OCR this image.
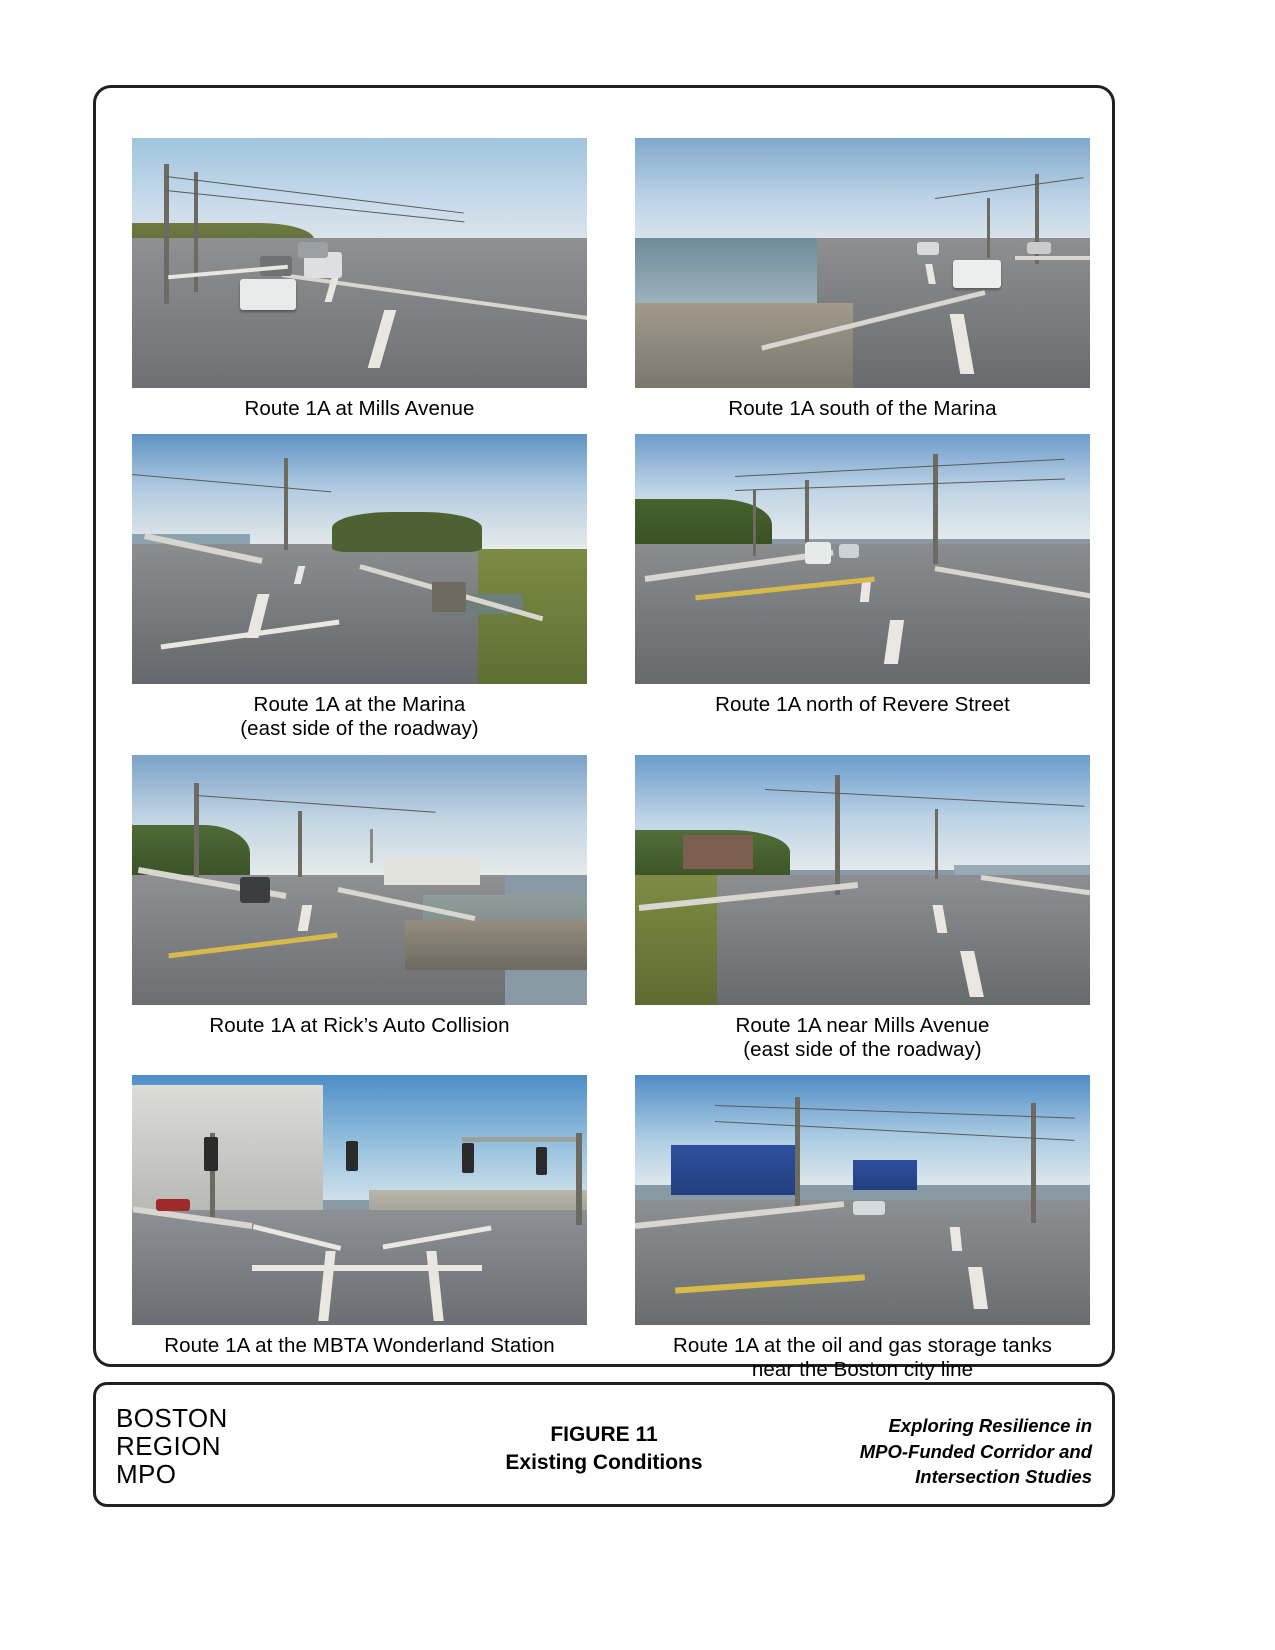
Route 1A at Mills Avenue	Route 1A south of the Marina
Route 1A at the Marina
(east side of the roadway)
Route 1A north of Revere Street
Route 1A at Rick’s Auto Collision	Route 1A near Mills Avenue
(east side of the roadway)
Route 1A at the MBTA Wonderland Station	Route 1A at the oil and gas storage tanks
near the Boston city line
BOSTON
REGION
MPO
FIGURE 11
Existing Conditions
Exploring Resilience in
MPO-Funded Corridor and
Intersection Studies
